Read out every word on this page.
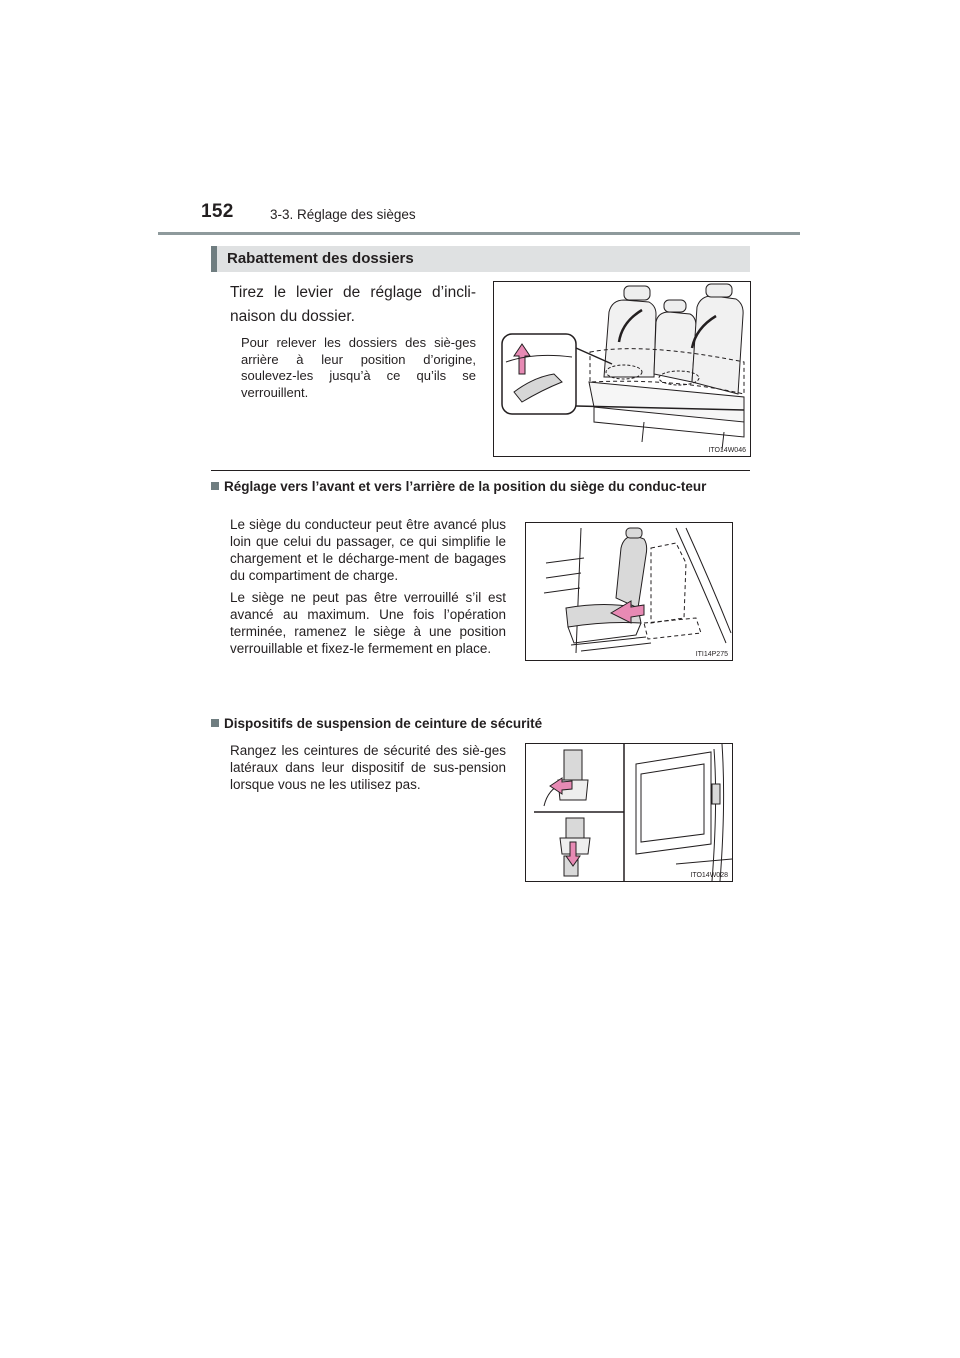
152	3-3. Réglage des sièges
Rabattement des dossiers
Tirez le levier de réglage d’incli-naison du dossier.
Pour relever les dossiers des siè-ges arrière à leur position d’origine, soulevez-les jusqu’à ce qu’ils se verrouillent.
ITO14W046
Réglage vers l’avant et vers l’arrière de la position du siège du conduc-teur

Le siège du conducteur peut être avancé plus loin que celui du passager, ce qui simplifie le chargement et le décharge-ment de bagages du compartiment de charge.

Le siège ne peut pas être verrouillé s’il est avancé au maximum. Une fois l’opération terminée, ramenez le siège à une position verrouillable et fixez-le fermement en place.	ITI14P275
Dispositifs de suspension de ceinture de sécurité

Rangez les ceintures de sécurité des siè-ges latéraux dans leur dispositif de sus-pension lorsque vous ne les utilisez pas.

ITO14W028
